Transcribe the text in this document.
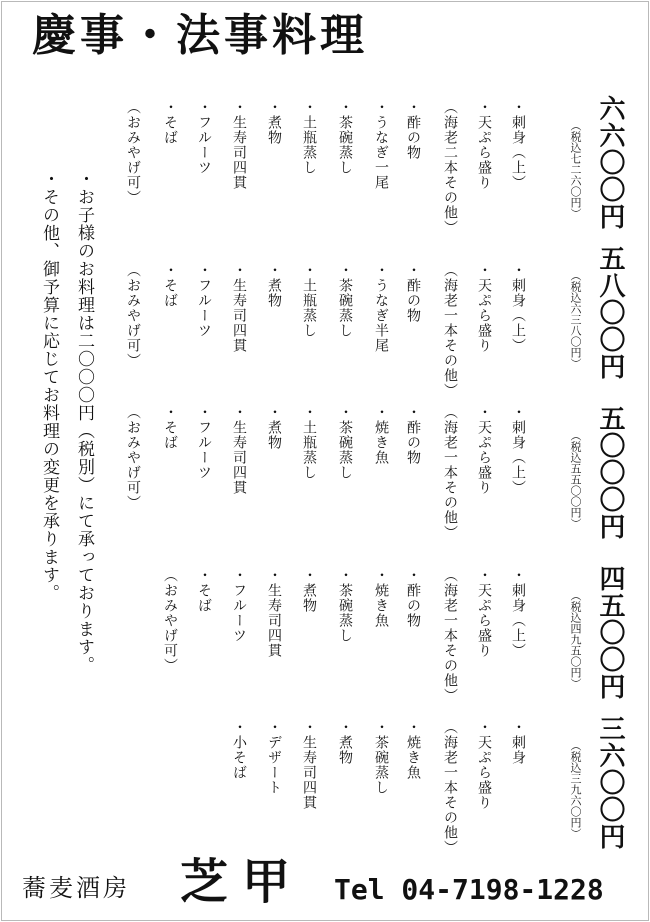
慶事・法事料理
六六〇〇円
（税込七二六〇円）
・刺身（上）
・天ぷら盛り
（海老二本その他）
・酢の物
・うなぎ一尾
・茶碗蒸し
・土瓶蒸し
・煮物
・生寿司四貫
・フルーツ
・そば
（おみやげ可）
五八〇〇円
（税込六三八〇円）
・刺身（上）
・天ぷら盛り
（海老一本その他）
・酢の物
・うなぎ半尾
・茶碗蒸し
・土瓶蒸し
・煮物
・生寿司四貫
・フルーツ
・そば
（おみやげ可）
五〇〇〇円
（税込五五〇〇円）
・刺身（上）
・天ぷら盛り
（海老一本その他）
・酢の物
・焼き魚
・茶碗蒸し
・土瓶蒸し
・煮物
・生寿司四貫
・フルーツ
・そば
（おみやげ可）
四五〇〇円
（税込四九五〇円）
・刺身（上）
・天ぷら盛り
（海老一本その他）
・酢の物
・焼き魚
・茶碗蒸し
・煮物
・生寿司四貫
・フルーツ
・そば
（おみやげ可）
三六〇〇円
（税込三九六〇円）
・刺身
・天ぷら盛り
（海老一本その他）
・焼き魚
・茶碗蒸し
・煮物
・生寿司四貫
・デザート
・小そば
・お子様のお料理は二〇〇〇円（税別）にて承っております。
・その他、御予算に応じてお料理の変更を承ります。
蕎麦酒房 芝甲 Tel 04-7198-1228
